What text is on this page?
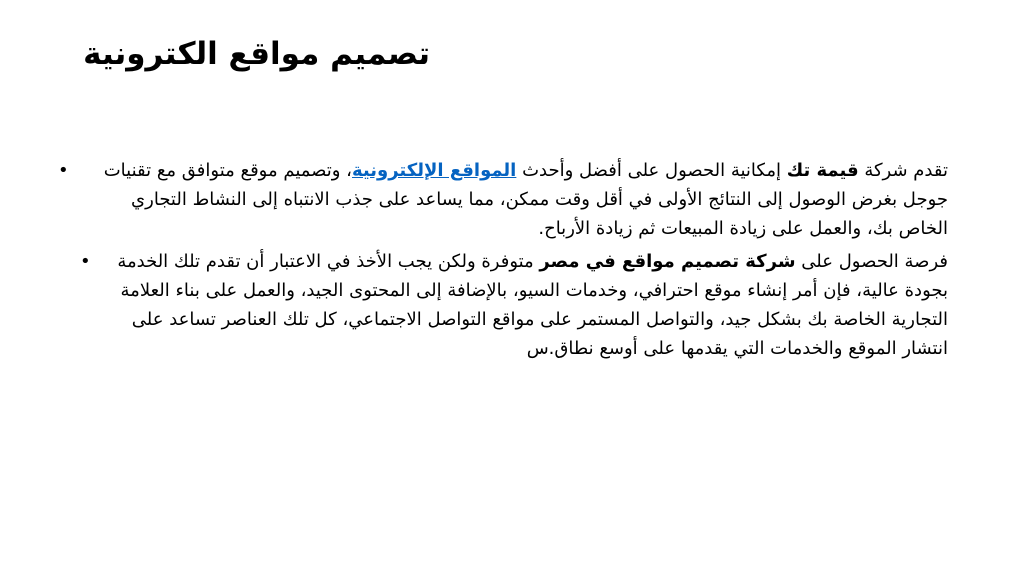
تصميم مواقع الكترونية
•	تقدم شركة قيمة تك إمكانية الحصول على أفضل وأحدث المواقع الإلكترونية، وتصميم موقع متوافق مع تقنيات جوجل بغرض الوصول إلى النتائج الأولى في أقل وقت ممكن، مما يساعد على جذب الانتباه إلى النشاط التجاري الخاص بك، والعمل على زيادة المبيعات ثم زيادة الأرباح.
•	فرصة الحصول على شركة تصميم مواقع في مصر متوفرة ولكن يجب الأخذ في الاعتبار أن تقدم تلك الخدمة بجودة عالية، فإن أمر إنشاء موقع احترافي، وخدمات السيو، بالإضافة إلى المحتوى الجيد، والعمل على بناء العلامة التجارية الخاصة بك بشكل جيد، والتواصل المستمر على مواقع التواصل الاجتماعي، كل تلك العناصر تساعد على انتشار الموقع والخدمات التي يقدمها على أوسع نطاق.س
